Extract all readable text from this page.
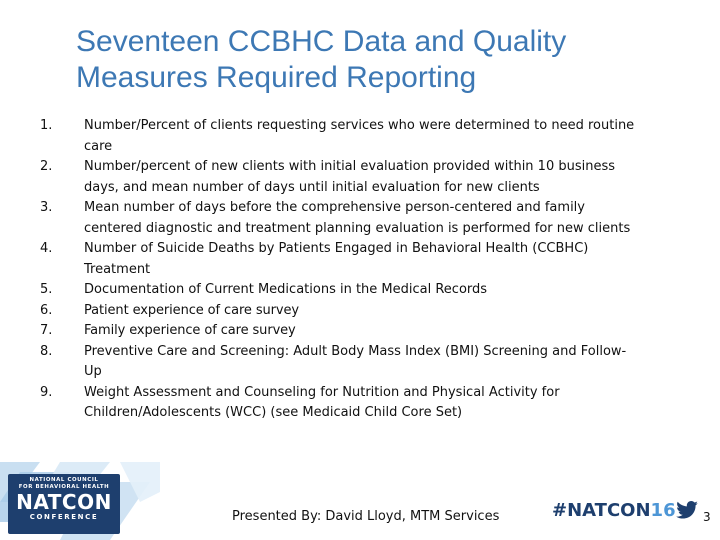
Seventeen CCBHC Data and Quality
Measures Required Reporting
1.	Number/Percent of clients requesting services who were determined to need routine
care
2.	Number/percent of new clients with initial evaluation provided within 10 business
days, and mean number of days until initial evaluation for new clients
3.	Mean number of days before the comprehensive person-centered and family
centered diagnostic and treatment planning evaluation is performed for new clients
4.	Number of Suicide Deaths by Patients Engaged in Behavioral Health (CCBHC)
Treatment
5.	Documentation of Current Medications in the Medical Records
6.	Patient experience of care survey
7.	Family experience of care survey
8.	Preventive Care and Screening: Adult Body Mass Index (BMI) Screening and Follow-
Up
9.	Weight Assessment and Counseling for Nutrition and Physical Activity for
Children/Adolescents (WCC) (see Medicaid Child Core Set)
NATIONAL COUNCIL
FOR BEHAVIORAL HEALTH
NATCON
CONFERENCE	Presented By: David Lloyd, MTM Services	#NATCON16 3
